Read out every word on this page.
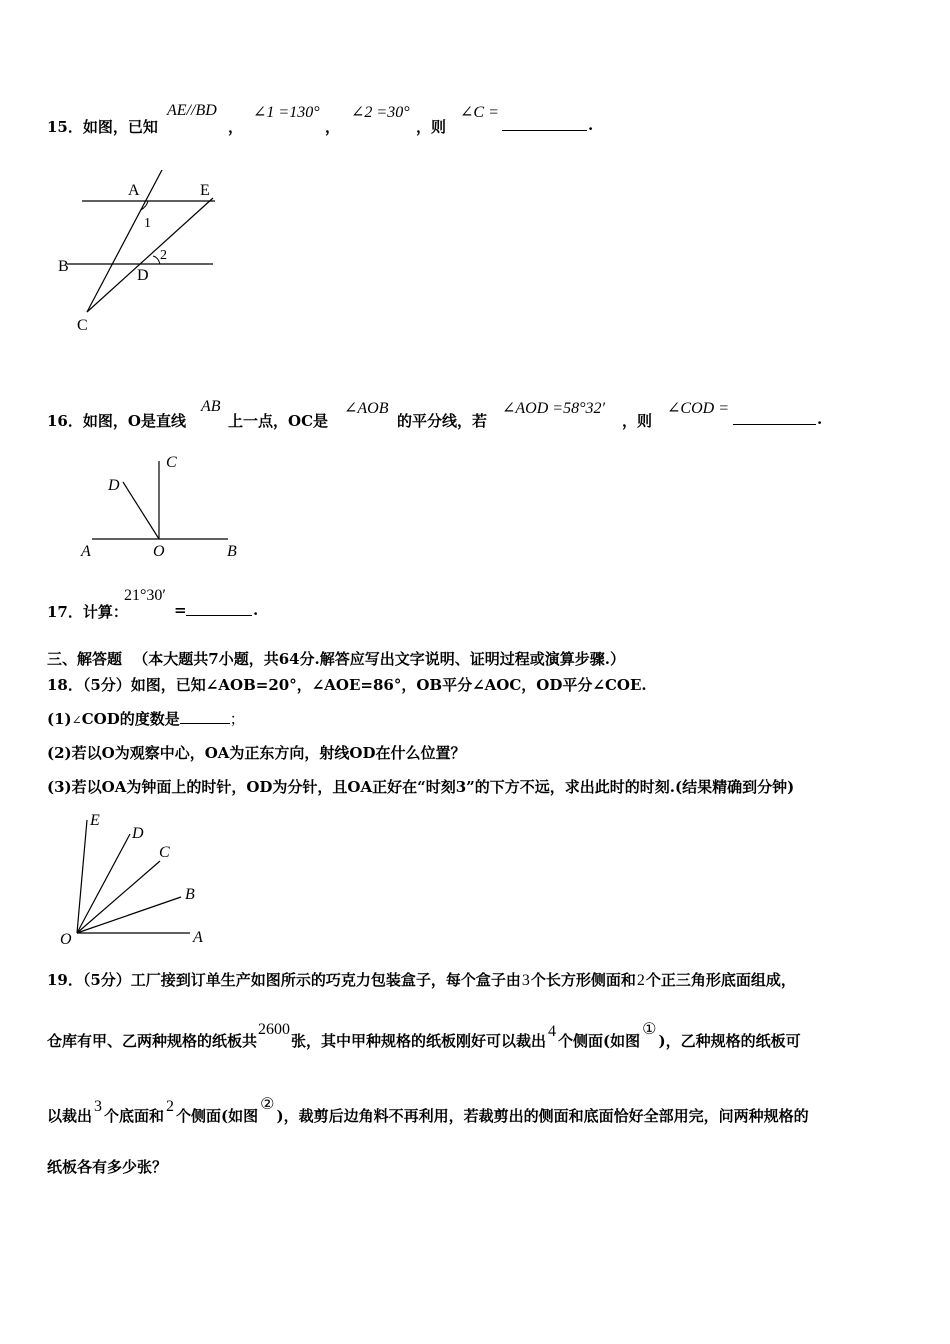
15．如图，已知
AE//BD
，
∠1 =130°
，
∠2 =30°
，则
∠C =
.
A	E
B
D
C
1
2
16．如图，O是直线
AB
上一点，OC是
∠AOB
的平分线，若
∠AOD =58°32′
，则
∠COD =
.
C
D
A	O	B
17．计算：
21°30′
=	.
三、解答题 （本大题共7小题，共64分.解答应写出文字说明、证明过程或演算步骤.）
18．（5分）如图，已知∠AOB=20°，∠AOE=86°，OB平分∠AOC，OD平分∠COE.
(1)∠COD的度数是	；
(2)若以O为观察中心，OA为正东方向，射线OD在什么位置？
(3)若以OA为钟面上的时针，OD为分针，且OA正好在“时刻3”的下方不远，求出此时的时刻.(结果精确到分钟)
E
D
C
B
O	A
19．（5分）工厂接到订单生产如图所示的巧克力包装盒子，每个盒子由3个长方形侧面和2个正三角形底面组成，
仓库有甲、乙两种规格的纸板共2600张，其中甲种规格的纸板刚好可以裁出4个侧面(如图①)，乙种规格的纸板可
以裁出3个底面和2个侧面(如图②)，裁剪后边角料不再利用，若裁剪出的侧面和底面恰好全部用完，问两种规格的
纸板各有多少张？
